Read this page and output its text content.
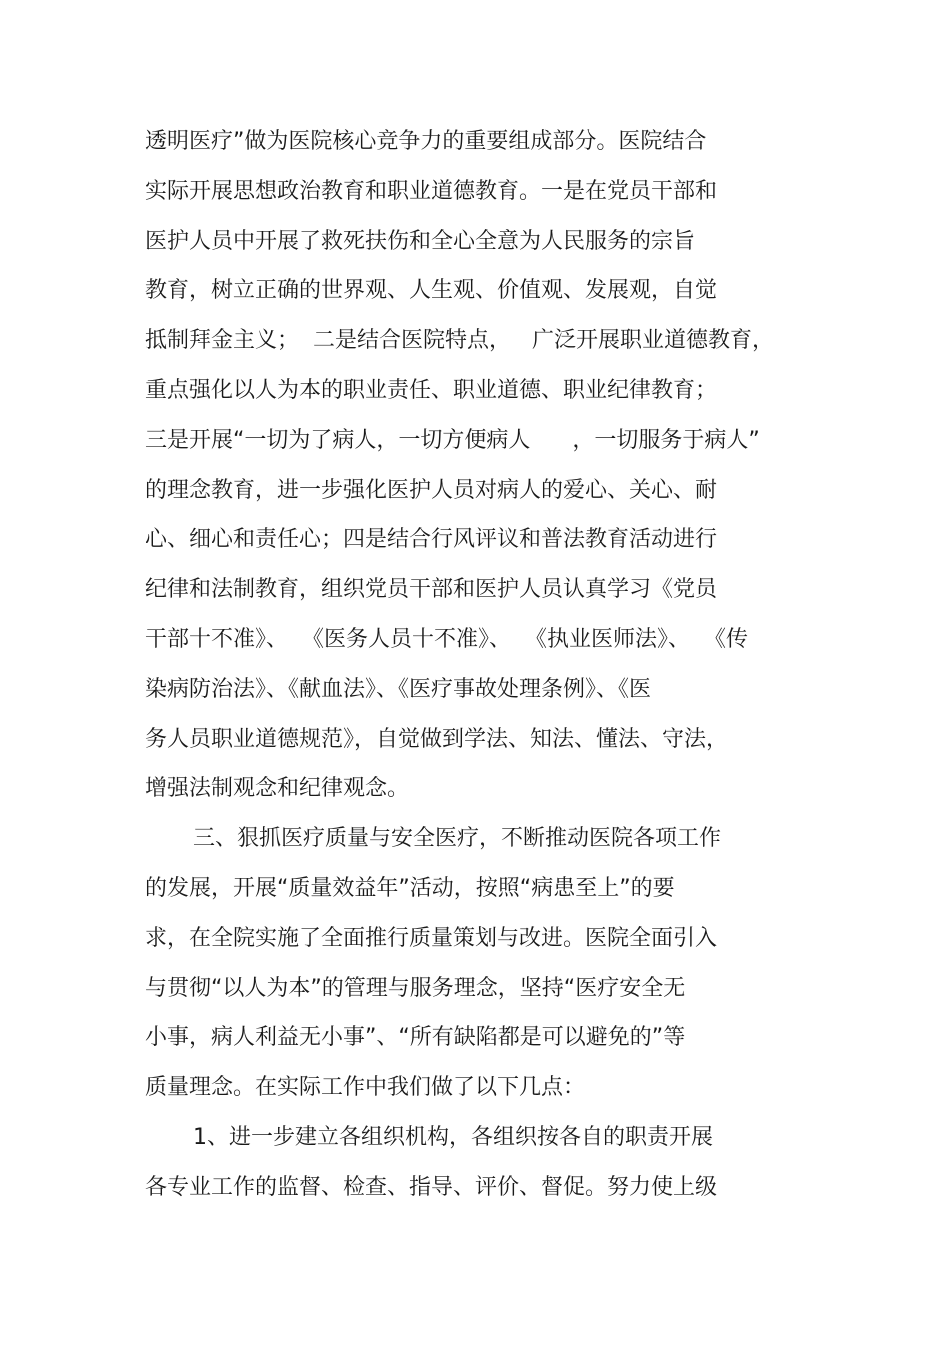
透明医疗”做为医院核心竞争力的重要组成部分。医院结合

实际开展思想政治教育和职业道德教育。一是在党员干部和

医护人员中开展了救死扶伤和全心全意为人民服务的宗旨

教育，树立正确的世界观、人生观、价值观、发展观，自觉

抵制拜金主义；  二是结合医院特点，   广泛开展职业道德教育，

重点强化以人为本的职业责任、职业道德、职业纪律教育；

三是开展“一切为了病人，一切方便病人      ，一切服务于病人”

的理念教育，进一步强化医护人员对病人的爱心、关心、耐

心、细心和责任心；四是结合行风评议和普法教育活动进行

纪律和法制教育，组织党员干部和医护人员认真学习《党员

干部十不准》、  《医务人员十不准》、  《执业医师法》、  《传

染病防治法》、《献血法》、《医疗事故处理条例》、《医

务人员职业道德规范》，自觉做到学法、知法、懂法、守法，

增强法制观念和纪律观念。

三、狠抓医疗质量与安全医疗，不断推动医院各项工作

的发展，开展“质量效益年”活动，按照“病患至上”的要

求，在全院实施了全面推行质量策划与改进。医院全面引入

与贯彻“以人为本”的管理与服务理念，坚持“医疗安全无

小事，病人利益无小事”、“所有缺陷都是可以避免的”等

质量理念。在实际工作中我们做了以下几点：

1、进一步建立各组织机构，各组织按各自的职责开展

各专业工作的监督、检查、指导、评价、督促。努力使上级
